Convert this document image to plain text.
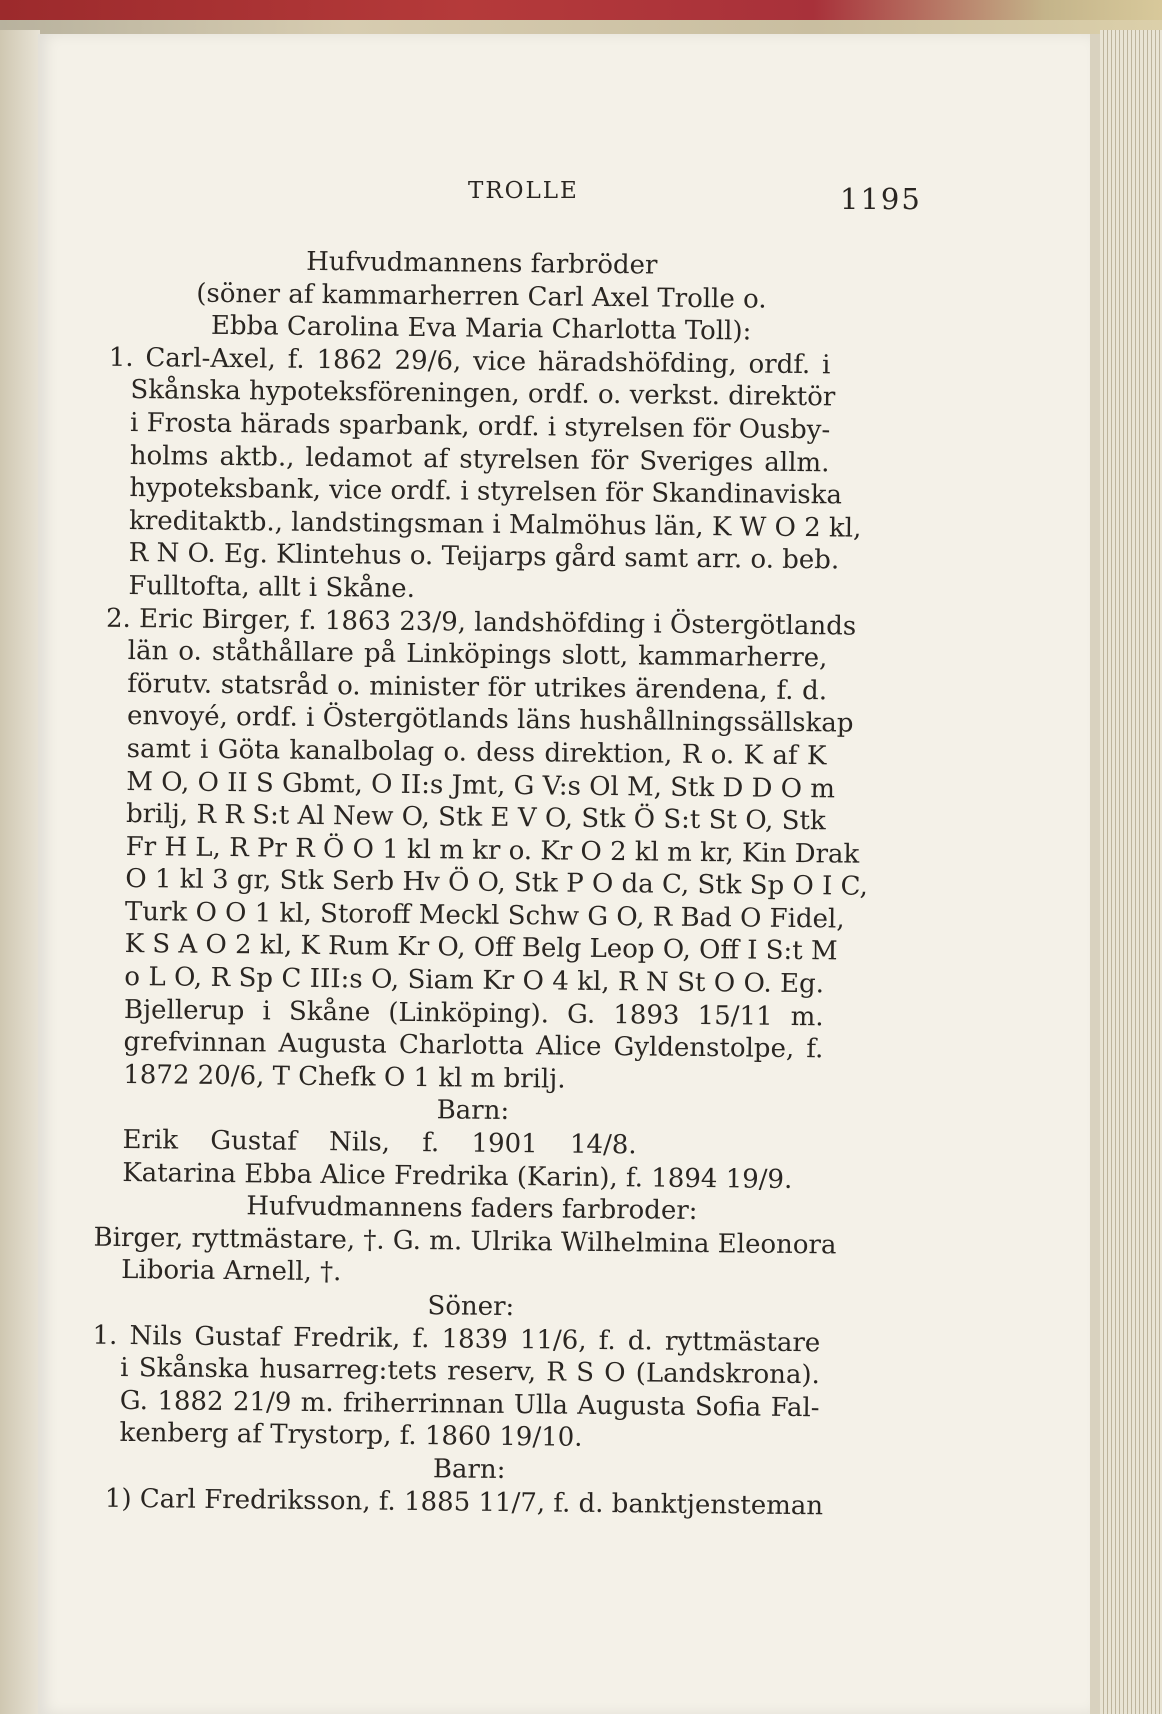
TROLLE	1195
Hufvudmannens farbröder
(söner af kammarherren Carl Axel Trolle o.
Ebba Carolina Eva Maria Charlotta Toll):
1. Carl-Axel, f. 1862 29/6, vice häradshöfding, ordf. i
Skånska hypoteksföreningen, ordf. o. verkst. direktör
i Frosta härads sparbank, ordf. i styrelsen för Ousby-
holms aktb., ledamot af styrelsen för Sveriges allm.
hypoteksbank, vice ordf. i styrelsen för Skandinaviska
kreditaktb., landstingsman i Malmöhus län, K W O 2 kl,
R N O. Eg. Klintehus o. Teijarps gård samt arr. o. beb.
Fulltofta, allt i Skåne.
2. Eric Birger, f. 1863 23/9, landshöfding i Östergötlands
län o. ståthållare på Linköpings slott, kammarherre,
förutv. statsråd o. minister för utrikes ärendena, f. d.
envoyé, ordf. i Östergötlands läns hushållningssällskap
samt i Göta kanalbolag o. dess direktion, R o. K af K
M O, O II S Gbmt, O II:s Jmt, G V:s Ol M, Stk D D O m
brilj, R R S:t Al New O, Stk E V O, Stk Ö S:t St O, Stk
Fr H L, R Pr R Ö O 1 kl m kr o. Kr O 2 kl m kr, Kin Drak
O 1 kl 3 gr, Stk Serb Hv Ö O, Stk P O da C, Stk Sp O I C,
Turk O O 1 kl, Storoff Meckl Schw G O, R Bad O Fidel,
K S A O 2 kl, K Rum Kr O, Off Belg Leop O, Off I S:t M
o L O, R Sp C III:s O, Siam Kr O 4 kl, R N St O O. Eg.
Bjellerup i Skåne (Linköping). G. 1893 15/11 m.
grefvinnan Augusta Charlotta Alice Gyldenstolpe, f.
1872 20/6, T Chefk O 1 kl m brilj.
Barn:
Erik Gustaf Nils, f. 1901 14/8.
Katarina Ebba Alice Fredrika (Karin), f. 1894 19/9.
Hufvudmannens faders farbroder:
Birger, ryttmästare, †. G. m. Ulrika Wilhelmina Eleonora
Liboria Arnell, †.
Söner:
1. Nils Gustaf Fredrik, f. 1839 11/6, f. d. ryttmästare
i Skånska husarreg:tets reserv, R S O (Landskrona).
G. 1882 21/9 m. friherrinnan Ulla Augusta Sofia Fal-
kenberg af Trystorp, f. 1860 19/10.
Barn:
1) Carl Fredriksson, f. 1885 11/7, f. d. banktjensteman
